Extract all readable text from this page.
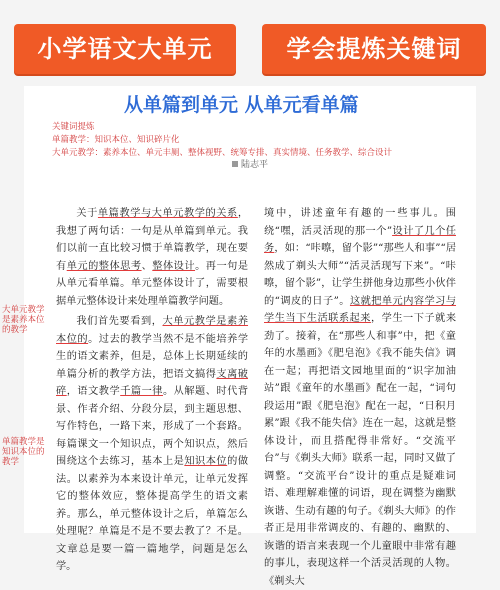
小学语文大单元	学会提炼关键词
从单篇到单元 从单元看单篇
关键词提炼
单篇教学：知识本位、知识碎片化
大单元教学：素养本位、单元丰厕、整体视野、统筹专排、真实情境、任务教学、综合设计
陆志平
大单元教学是素养本位的教学
单篇教学是知识本位的教学

关于单篇教学与大单元教学的关系，我想了两句话：一句是从单篇到单元。我们以前一直比较习惯于单篇教学，现在要有单元的整体思考、整体设计。再一句是从单元看单篇。单元整体设计了，需要根据单元整体设计来处理单篇教学问题。

我们首先要看到，大单元教学是素养本位的。过去的教学当然不是不能培养学生的语文素养，但是，总体上长期延续的单篇分析的教学方法，把语文搞得支离破碎，语文教学千篇一律。从解题、时代背景、作者介绍、分段分层，到主题思想、写作特色，一路下来，形成了一个套路。每篇课文一个知识点，两个知识点，然后围绕这个去练习，基本上是知识本位的做法。以素养为本来设计单元，让单元发挥它的整体效应，整体提高学生的语文素养。那么，单元整体设计之后，单篇怎么处理呢？单篇是不是不要去教了？不是。文章总是要一篇一篇地学，问题是怎么学。

境中，讲述童年有趣的一些事儿。围绕“嘿，活灵活现的那一个”设计了几个任务，如：“咔嚓，留个影”“那些人和事”“居然成了剃头大师”“活灵活现写下来”。“咔嚓，留个影”，让学生拼他身边那些小伙伴的“调皮的日子”。这就把单元内容学习与学生当下生活联系起来，学生一下子就来劲了。接着，在“那些人和事”中，把《童年的水墨画》《肥皂泡》《我不能失信》调在一起；再把语文园地里面的“识字加油站”跟《童年的水墨画》配在一起，“词句段运用”跟《肥皂泡》配在一起，“日积月累”跟《我不能失信》连在一起，这就是整体设计，而且搭配得非常好。“交流平台”与《剃头大师》联系一起，同时又做了调整。“交流平台”设计的重点是疑难词语、难理解难懂的词语，现在调整为幽默诙谐、生动有趣的句子。《剃头大师》的作者正是用非常调皮的、有趣的、幽默的、诙谐的语言来表现一个儿童眼中非常有趣的事儿，表现这样一个活灵活现的人物。《剃头大
